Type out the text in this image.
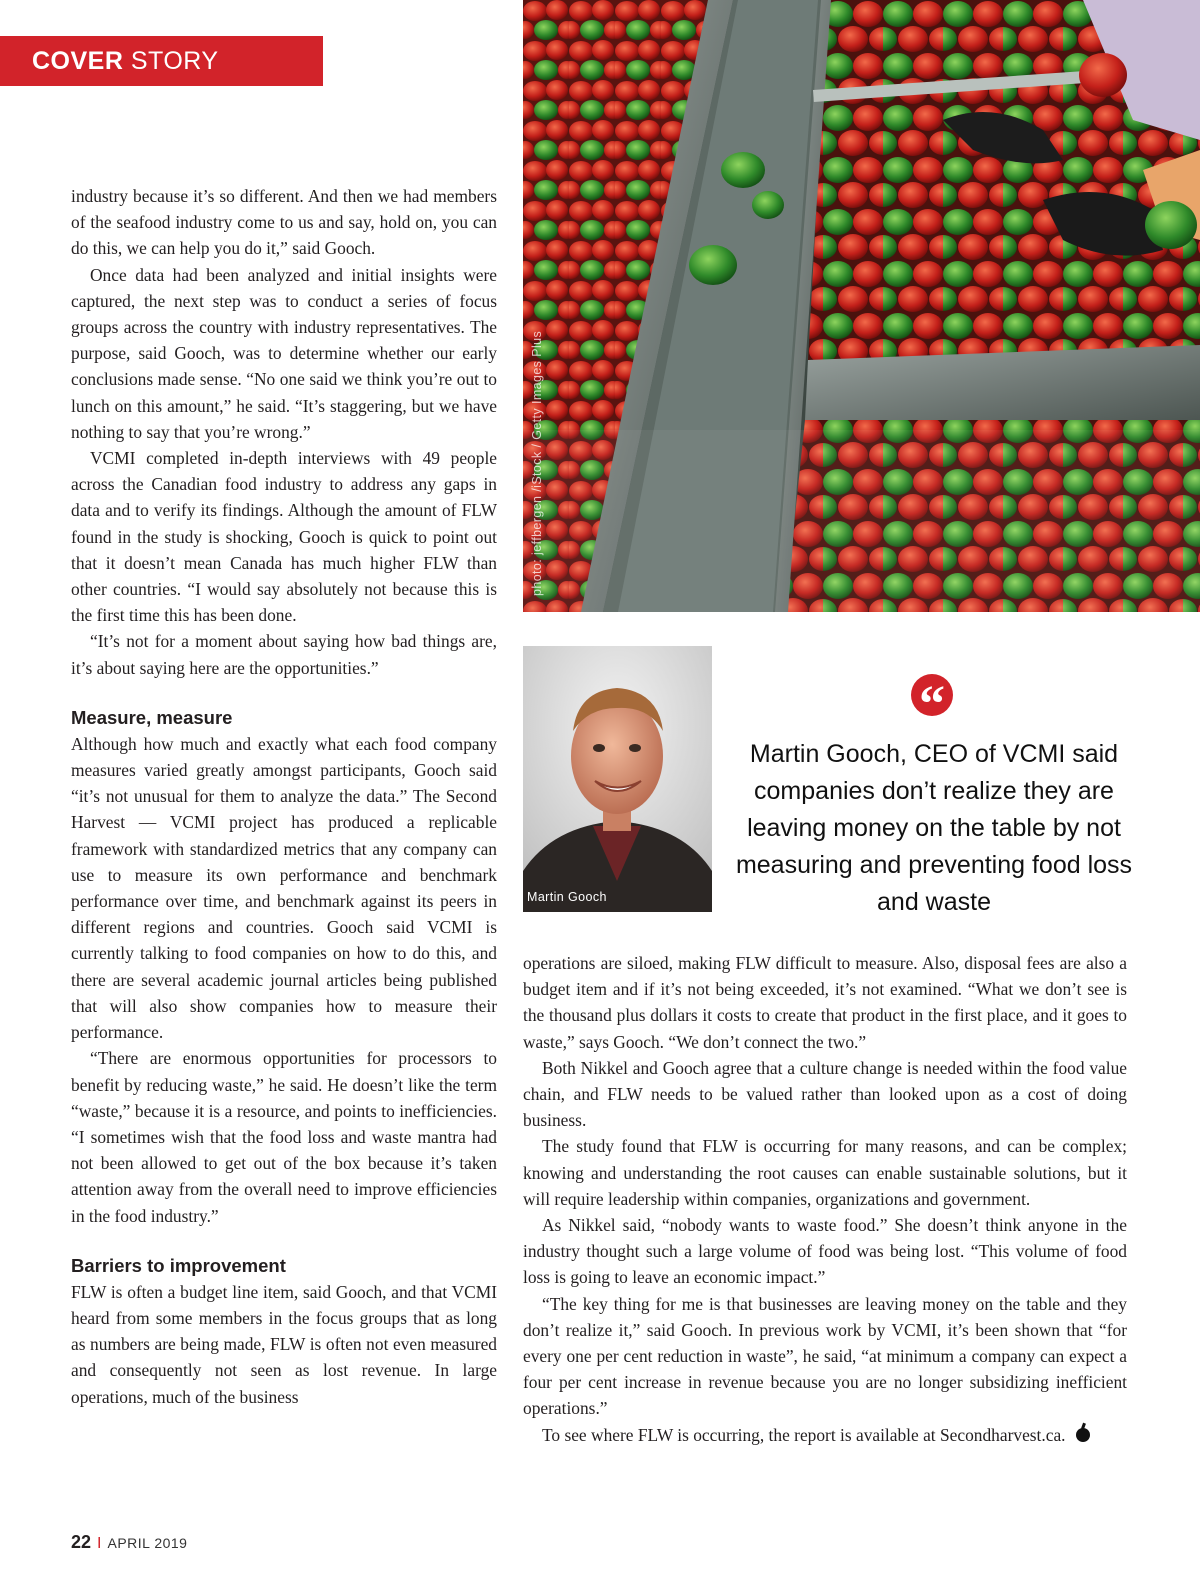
COVER STORY

industry because it’s so different. And then we had members of the seafood industry come to us and say, hold on, you can do this, we can help you do it,” said Gooch.

Once data had been analyzed and initial insights were captured, the next step was to conduct a series of focus groups across the country with industry representatives. The purpose, said Gooch, was to determine whether our early conclusions made sense. “No one said we think you’re out to lunch on this amount,” he said. “It’s staggering, but we have nothing to say that you’re wrong.”

VCMI completed in-depth interviews with 49 people across the Canadian food industry to address any gaps in data and to verify its findings. Although the amount of FLW found in the study is shocking, Gooch is quick to point out that it doesn’t mean Canada has much higher FLW than other countries. “I would say absolutely not because this is the first time this has been done.

“It’s not for a moment about saying how bad things are, it’s about saying here are the opportunities.”

Measure, measure

Although how much and exactly what each food company measures varied greatly amongst participants, Gooch said “it’s not unusual for them to analyze the data.” The Second Harvest — VCMI project has produced a replicable framework with standardized metrics that any company can use to measure its own performance and benchmark performance over time, and benchmark against its peers in different regions and countries. Gooch said VCMI is currently talking to food companies on how to do this, and there are several academic journal articles being published that will also show companies how to measure their performance.

“There are enormous opportunities for processors to benefit by reducing waste,” he said. He doesn’t like the term “waste,” because it is a resource, and points to inefficiencies. “I sometimes wish that the food loss and waste mantra had not been allowed to get out of the box because it’s taken attention away from the overall need to improve efficiencies in the food industry.”

Barriers to improvement

FLW is often a budget line item, said Gooch, and that VCMI heard from some members in the focus groups that as long as numbers are being made, FLW is often not even measured and consequently not seen as lost revenue. In large operations, much of the business

photo: jeffbergen /iStock / Getty Images Plus
Martin Gooch
“
Martin Gooch, CEO of VCMI said companies don’t realize they are leaving money on the table by not measuring and preventing food loss and waste

operations are siloed, making FLW difficult to measure. Also, disposal fees are also a budget item and if it’s not being exceeded, it’s not examined. “What we don’t see is the thousand plus dollars it costs to create that product in the first place, and it goes to waste,” says Gooch. “We don’t connect the two.”

Both Nikkel and Gooch agree that a culture change is needed within the food value chain, and FLW needs to be valued rather than looked upon as a cost of doing business.

The study found that FLW is occurring for many reasons, and can be complex; knowing and understanding the root causes can enable sustainable solutions, but it will require leadership within companies, organizations and government.

As Nikkel said, “nobody wants to waste food.” She doesn’t think anyone in the industry thought such a large volume of food was being lost. “This volume of food loss is going to leave an economic impact.”

“The key thing for me is that businesses are leaving money on the table and they don’t realize it,” said Gooch. In previous work by VCMI, it’s been shown that “for every one per cent reduction in waste”, he said, “at minimum a company can expect a four per cent increase in revenue because you are no longer subsidizing inefficient operations.”

To see where FLW is occurring, the report is available at Secondharvest.ca.

22 I APRIL 2019
